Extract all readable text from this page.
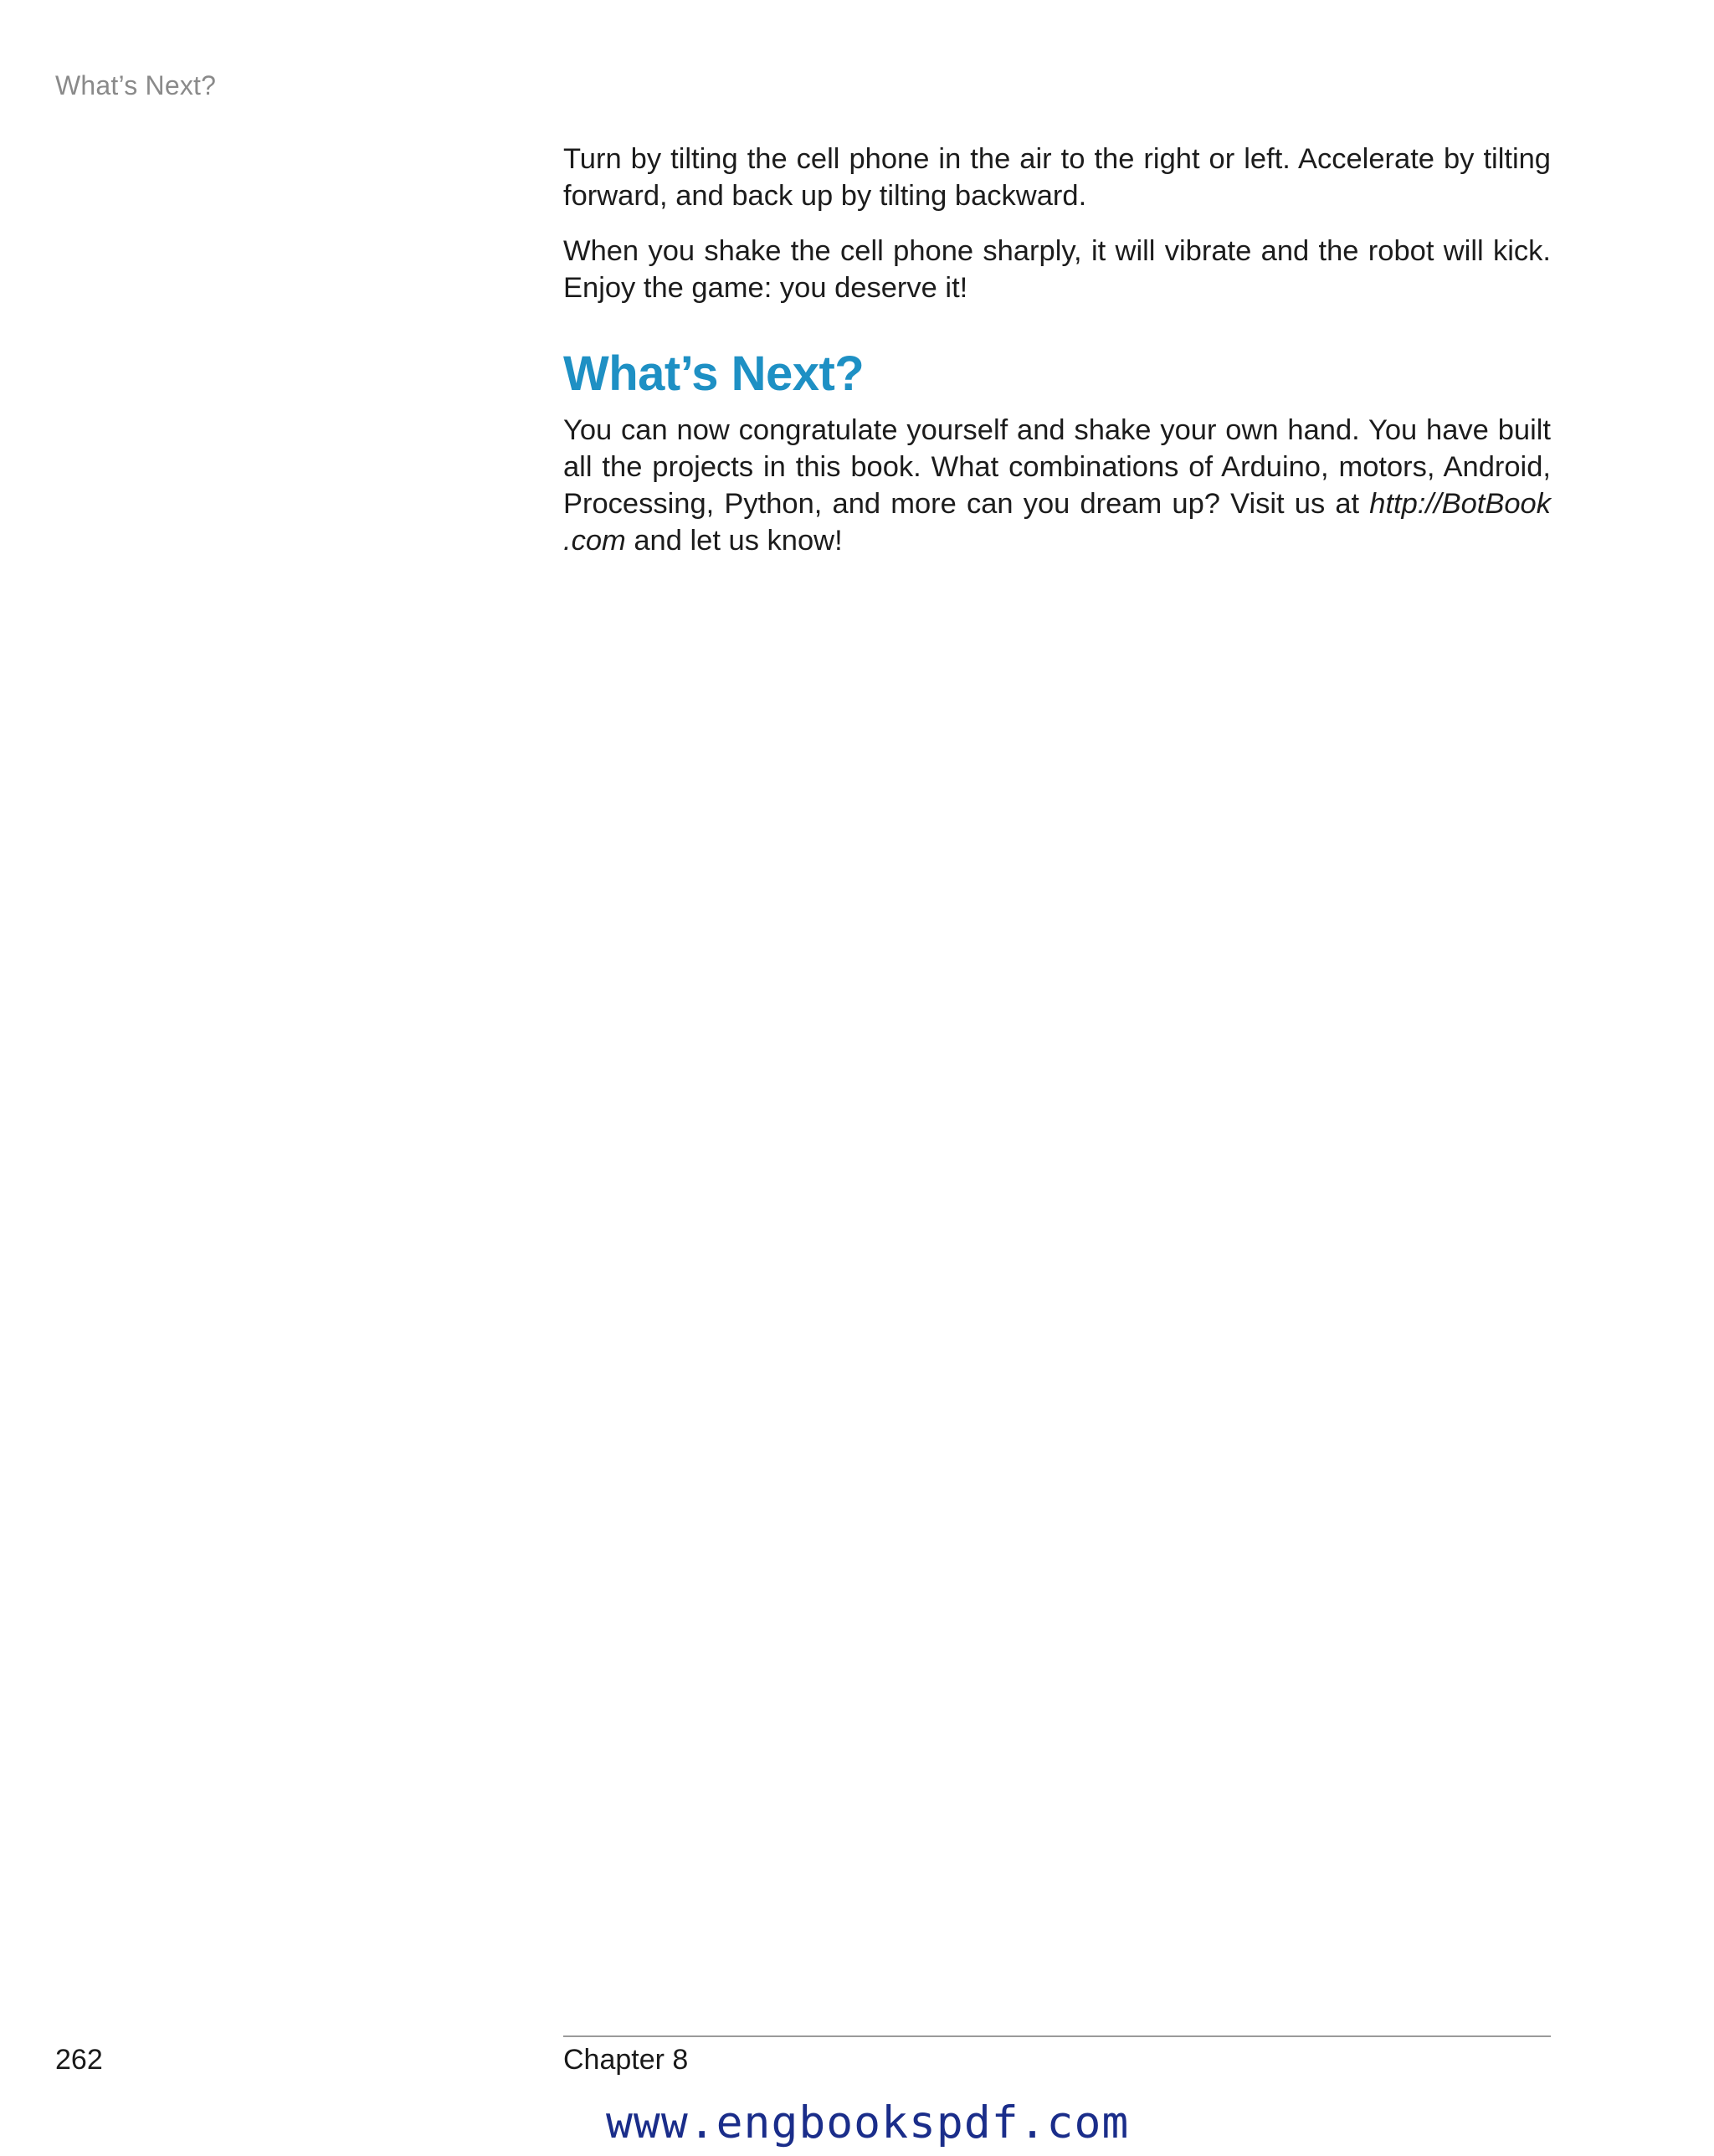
What’s Next?

Turn by tilting the cell phone in the air to the right or left. Accelerate by tilting forward, and back up by tilting backward.

When you shake the cell phone sharply, it will vibrate and the robot will kick. Enjoy the game: you deserve it!

What’s Next?

You can now congratulate yourself and shake your own hand. You have built all the projects in this book. What combinations of Arduino, motors, Android, Processing, Python, and more can you dream up? Visit us at http://BotBook .com and let us know!

262	Chapter 8
www.engbookspdf.com
